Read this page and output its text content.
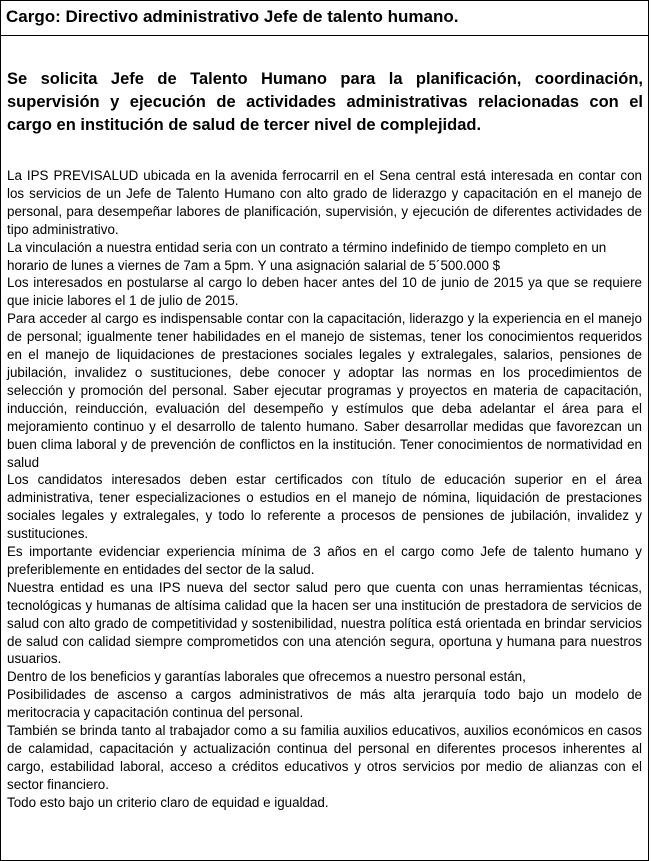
Cargo: Directivo administrativo Jefe de talento humano.
Se solicita Jefe de Talento Humano para la planificación, coordinación, supervisión y ejecución de actividades administrativas relacionadas con el cargo en institución de salud de tercer nivel de complejidad.

La IPS PREVISALUD ubicada en la avenida ferrocarril en el Sena central está interesada en contar con los servicios de un Jefe de Talento Humano con alto grado de liderazgo y capacitación en el manejo de personal, para desempeñar labores de planificación, supervisión, y ejecución de diferentes actividades de tipo administrativo.

La vinculación a nuestra entidad seria con un contrato a término indefinido de tiempo completo en un horario de lunes a viernes de 7am a 5pm. Y una asignación salarial de 5´500.000 $

Los interesados en postularse al cargo lo deben hacer antes del 10 de junio de 2015 ya que se requiere que inicie labores el 1 de julio de 2015.

Para acceder al cargo es indispensable contar con la capacitación, liderazgo y la experiencia en el manejo de personal; igualmente tener habilidades en el manejo de sistemas, tener los conocimientos requeridos en el manejo de liquidaciones de prestaciones sociales legales y extralegales, salarios, pensiones de jubilación, invalidez o sustituciones, debe conocer y adoptar las normas en los procedimientos de selección y promoción del personal. Saber ejecutar programas y proyectos en materia de capacitación, inducción, reinducción, evaluación del desempeño y estímulos que deba adelantar el área para el mejoramiento continuo y el desarrollo de talento humano. Saber desarrollar medidas que favorezcan un buen clima laboral y de prevención de conflictos en la institución. Tener conocimientos de normatividad en salud

Los candidatos interesados deben estar certificados con título de educación superior en el área administrativa, tener especializaciones o estudios en el manejo de nómina, liquidación de prestaciones sociales legales y extralegales, y todo lo referente a procesos de pensiones de jubilación, invalidez y sustituciones.

Es importante evidenciar experiencia mínima de 3 años en el cargo como Jefe de talento humano y preferiblemente en entidades del sector de la salud.

Nuestra entidad es una IPS nueva del sector salud pero que cuenta con unas herramientas técnicas, tecnológicas y humanas de altísima calidad que la hacen ser una institución de prestadora de servicios de salud con alto grado de competitividad y sostenibilidad, nuestra política está orientada en brindar servicios de salud con calidad siempre comprometidos con una atención segura, oportuna y humana para nuestros usuarios.

Dentro de los beneficios y garantías laborales que ofrecemos a nuestro personal están,

Posibilidades de ascenso a cargos administrativos de más alta jerarquía todo bajo un modelo de meritocracia y capacitación continua del personal.

También se brinda tanto al trabajador como a su familia auxilios educativos, auxilios económicos en casos de calamidad, capacitación y actualización continua del personal en diferentes procesos inherentes al cargo, estabilidad laboral, acceso a créditos educativos y otros servicios por medio de alianzas con el sector financiero.

Todo esto bajo un criterio claro de equidad e igualdad.
